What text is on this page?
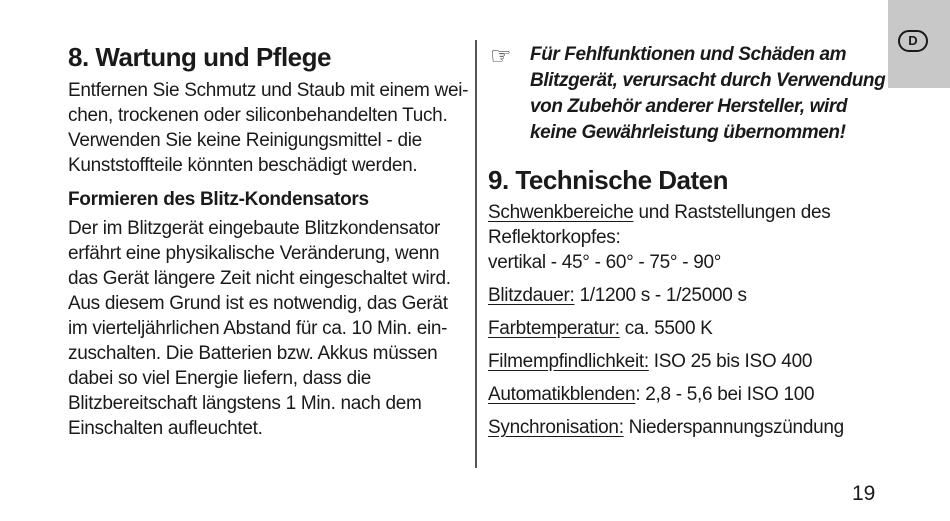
8. Wartung und Pflege

Entfernen Sie Schmutz und Staub mit einem wei-
chen, trockenen oder siliconbehandelten Tuch.
Verwenden Sie keine Reinigungsmittel - die
Kunststoffteile könnten beschädigt werden.

Formieren des Blitz-Kondensators

Der im Blitzgerät eingebaute Blitzkondensator
erfährt eine physikalische Veränderung, wenn
das Gerät längere Zeit nicht eingeschaltet wird.
Aus diesem Grund ist es notwendig, das Gerät
im vierteljährlichen Abstand für ca. 10 Min. ein-
zuschalten. Die Batterien bzw. Akkus müssen
dabei so viel Energie liefern, dass die
Blitzbereitschaft längstens 1 Min. nach dem
Einschalten aufleuchtet.

☞ Für Fehlfunktionen und Schäden am
Blitzgerät, verursacht durch Verwendung
von Zubehör anderer Hersteller, wird
keine Gewährleistung übernommen!
9. Technische Daten
Schwenkbereiche und Raststellungen des
Reflektorkopfes:
vertikal - 45° - 60° - 75° - 90°
Blitzdauer: 1/1200 s - 1/25000 s
Farbtemperatur: ca. 5500 K
Filmempfindlichkeit: ISO 25 bis ISO 400
Automatikblenden: 2,8 - 5,6 bei ISO 100
Synchronisation: Niederspannungszündung
D
19
